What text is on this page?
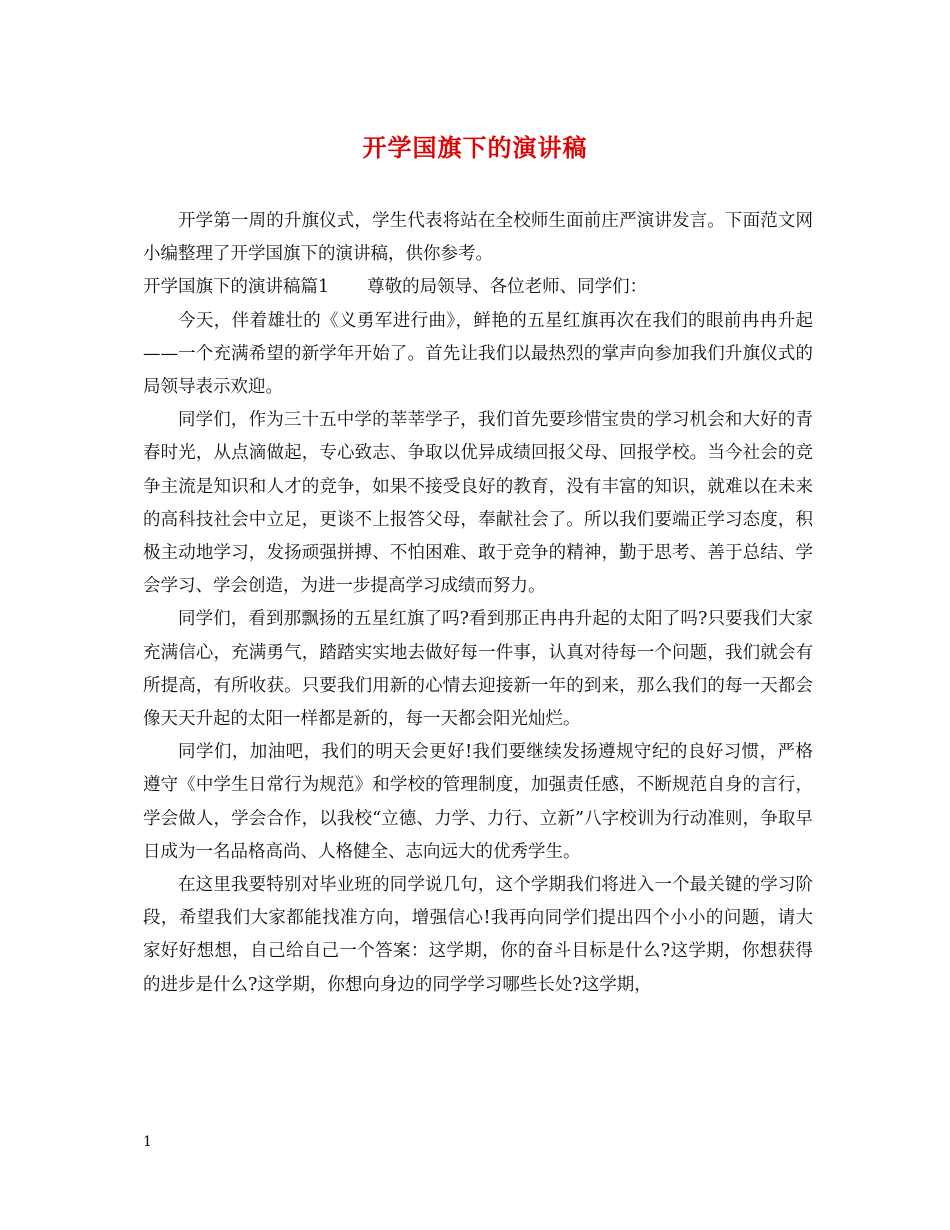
开学国旗下的演讲稿

开学第一周的升旗仪式，学生代表将站在全校师生面前庄严演讲发言。下面范文网小编整理了开学国旗下的演讲稿，供你参考。

开学国旗下的演讲稿篇1 尊敬的局领导、各位老师、同学们：

今天，伴着雄壮的《义勇军进行曲》，鲜艳的五星红旗再次在我们的眼前冉冉升起——一个充满希望的新学年开始了。首先让我们以最热烈的掌声向参加我们升旗仪式的局领导表示欢迎。

同学们，作为三十五中学的莘莘学子，我们首先要珍惜宝贵的学习机会和大好的青春时光，从点滴做起，专心致志、争取以优异成绩回报父母、回报学校。当今社会的竞争主流是知识和人才的竞争，如果不接受良好的教育，没有丰富的知识，就难以在未来的高科技社会中立足，更谈不上报答父母，奉献社会了。所以我们要端正学习态度，积极主动地学习，发扬顽强拼搏、不怕困难、敢于竞争的精神，勤于思考、善于总结、学会学习、学会创造，为进一步提高学习成绩而努力。

同学们，看到那飘扬的五星红旗了吗?看到那正冉冉升起的太阳了吗?只要我们大家充满信心，充满勇气，踏踏实实地去做好每一件事，认真对待每一个问题，我们就会有所提高，有所收获。只要我们用新的心情去迎接新一年的到来，那么我们的每一天都会像天天升起的太阳一样都是新的，每一天都会阳光灿烂。

同学们，加油吧，我们的明天会更好!我们要继续发扬遵规守纪的良好习惯，严格遵守《中学生日常行为规范》和学校的管理制度，加强责任感，不断规范自身的言行，学会做人，学会合作，以我校“立德、力学、力行、立新”八字校训为行动准则，争取早日成为一名品格高尚、人格健全、志向远大的优秀学生。

在这里我要特别对毕业班的同学说几句，这个学期我们将进入一个最关键的学习阶段，希望我们大家都能找准方向，增强信心!我再向同学们提出四个小小的问题，请大家好好想想，自己给自己一个答案：这学期，你的奋斗目标是什么?这学期，你想获得的进步是什么?这学期，你想向身边的同学学习哪些长处?这学期，

1
